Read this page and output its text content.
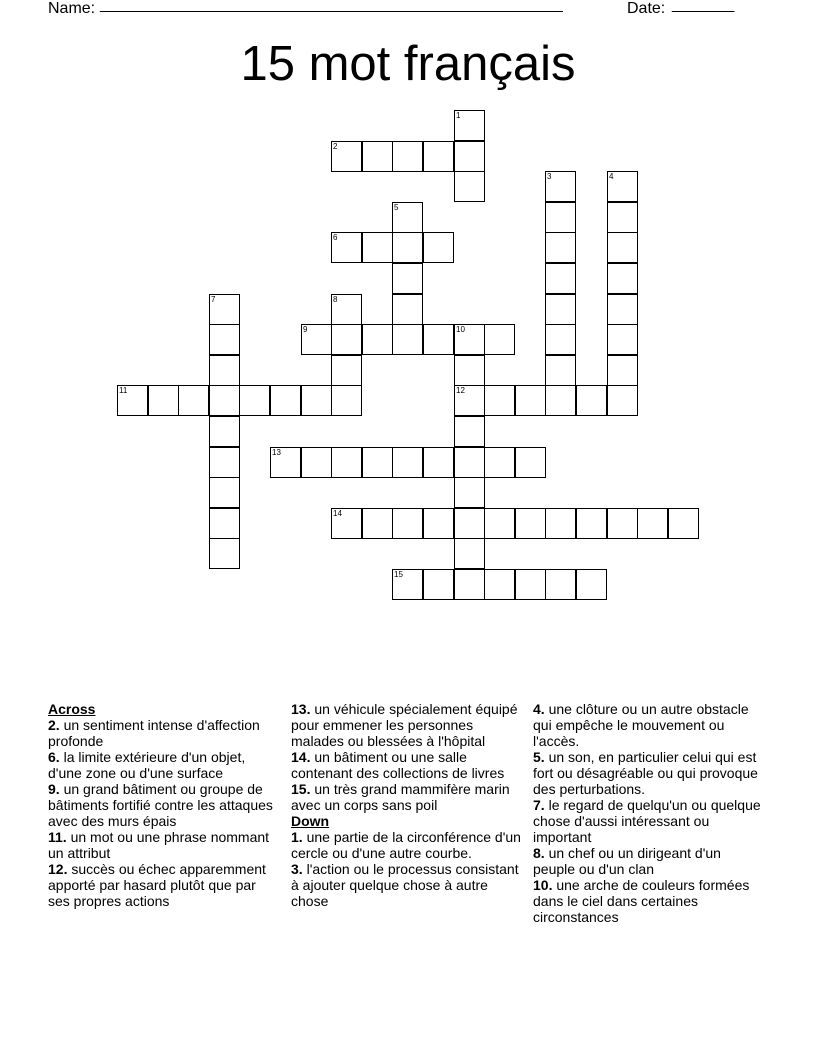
Name: ____________________________________________________	Date: _______
15 mot français
1
2
3	4
5
6
7	8
9	10
12
11
13
14
15
Across
2. un sentiment intense d'affection profonde
6. la limite extérieure d'un objet, d'une zone ou d'une surface
9. un grand bâtiment ou groupe de bâtiments fortifié contre les attaques avec des murs épais
11. un mot ou une phrase nommant un attribut
12. succès ou échec apparemment apporté par hasard plutôt que par ses propres actions
13. un véhicule spécialement équipé pour emmener les personnes malades ou blessées à l'hôpital
14. un bâtiment ou une salle contenant des collections de livres
15. un très grand mammifère marin avec un corps sans poil
Down
1. une partie de la circonférence d'un cercle ou d'une autre courbe.
3. l'action ou le processus consistant à ajouter quelque chose à autre chose
4. une clôture ou un autre obstacle qui empêche le mouvement ou l'accès.
5. un son, en particulier celui qui est fort ou désagréable ou qui provoque des perturbations.
7. le regard de quelqu'un ou quelque chose d'aussi intéressant ou important
8. un chef ou un dirigeant d'un peuple ou d'un clan
10. une arche de couleurs formées dans le ciel dans certaines circonstances
